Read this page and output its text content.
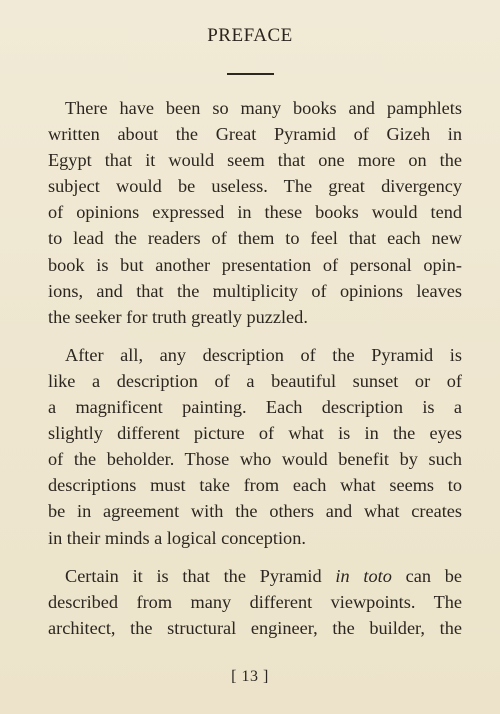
PREFACE

There have been so many books and pamphlets
written about the Great Pyramid of Gizeh in
Egypt that it would seem that one more on the
subject would be useless. The great divergency
of opinions expressed in these books would tend
to lead the readers of them to feel that each new
book is but another presentation of personal opin-
ions, and that the multiplicity of opinions leaves
the seeker for truth greatly puzzled.

After all, any description of the Pyramid is
like a description of a beautiful sunset or of
a magnificent painting. Each description is a
slightly different picture of what is in the eyes
of the beholder. Those who would benefit by such
descriptions must take from each what seems to
be in agreement with the others and what creates
in their minds a logical conception.

Certain it is that the Pyramid in toto can be
described from many different viewpoints. The
architect, the structural engineer, the builder, the

[ 13 ]
